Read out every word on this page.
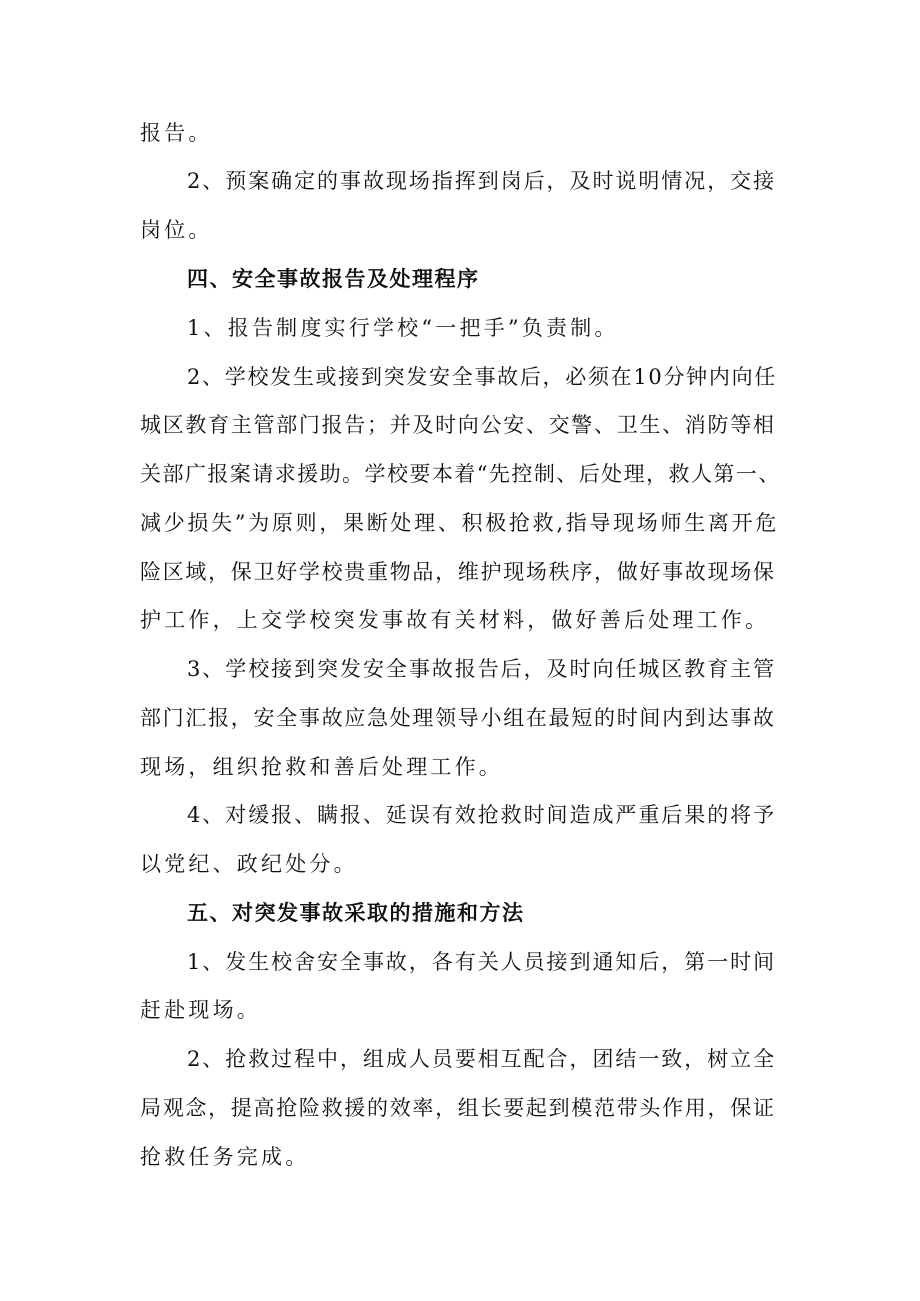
报告。
2、预案确定的事故现场指挥到岗后，及时说明情况，交接
岗位。
四、安全事故报告及处理程序
1、报告制度实行学校“一把手”负责制。
2、学校发生或接到突发安全事故后，必须在10分钟内向任
城区教育主管部门报告；并及时向公安、交警、卫生、消防等相
关部广报案请求援助。学校要本着“先控制、后处理，救人第一、
减少损失”为原则，果断处理、积极抢救,指导现场师生离开危
险区域，保卫好学校贵重物品，维护现场秩序，做好事故现场保
护工作，上交学校突发事故有关材料，做好善后处理工作。
3、学校接到突发安全事故报告后，及时向任城区教育主管
部门汇报，安全事故应急处理领导小组在最短的时间内到达事故
现场，组织抢救和善后处理工作。
4、对缓报、瞒报、延误有效抢救时间造成严重后果的将予
以党纪、政纪处分。
五、对突发事故采取的措施和方法
1、发生校舍安全事故，各有关人员接到通知后，第一时间
赶赴现场。
2、抢救过程中，组成人员要相互配合，团结一致，树立全
局观念，提高抢险救援的效率，组长要起到模范带头作用，保证
抢救任务完成。
